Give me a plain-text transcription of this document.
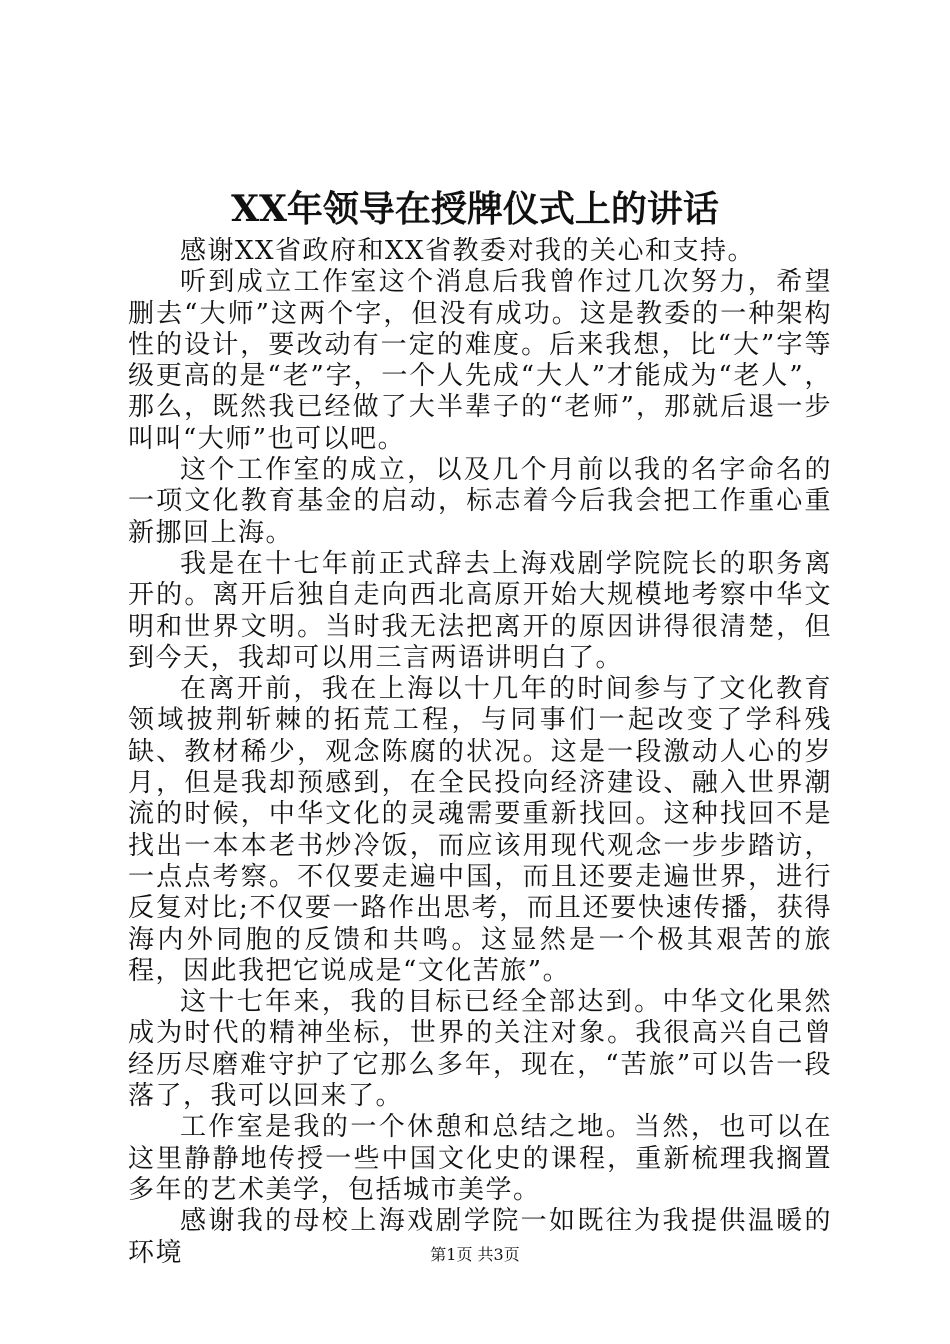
XX年领导在授牌仪式上的讲话

感谢XX省政府和XX省教委对我的关心和支持。

听到成立工作室这个消息后我曾作过几次努力，希望删去“大师”这两个字，但没有成功。这是教委的一种架构性的设计，要改动有一定的难度。后来我想，比“大”字等级更高的是“老”字，一个人先成“大人”才能成为“老人”，那么，既然我已经做了大半辈子的“老师”，那就后退一步叫叫“大师”也可以吧。

这个工作室的成立，以及几个月前以我的名字命名的一项文化教育基金的启动，标志着今后我会把工作重心重新挪回上海。

我是在十七年前正式辞去上海戏剧学院院长的职务离开的。离开后独自走向西北高原开始大规模地考察中华文明和世界文明。当时我无法把离开的原因讲得很清楚，但到今天，我却可以用三言两语讲明白了。

在离开前，我在上海以十几年的时间参与了文化教育领域披荆斩棘的拓荒工程，与同事们一起改变了学科残缺、教材稀少，观念陈腐的状况。这是一段激动人心的岁月，但是我却预感到，在全民投向经济建设、融入世界潮流的时候，中华文化的灵魂需要重新找回。这种找回不是找出一本本老书炒冷饭，而应该用现代观念一步步踏访，一点点考察。不仅要走遍中国，而且还要走遍世界，进行反复对比;不仅要一路作出思考，而且还要快速传播，获得海内外同胞的反馈和共鸣。这显然是一个极其艰苦的旅程，因此我把它说成是“文化苦旅”。

这十七年来，我的目标已经全部达到。中华文化果然成为时代的精神坐标，世界的关注对象。我很高兴自己曾经历尽磨难守护了它那么多年，现在，“苦旅”可以告一段落了，我可以回来了。

工作室是我的一个休憩和总结之地。当然，也可以在这里静静地传授一些中国文化史的课程，重新梳理我搁置多年的艺术美学，包括城市美学。

感谢我的母校上海戏剧学院一如既往为我提供温暖的环境	第1页 共3页
